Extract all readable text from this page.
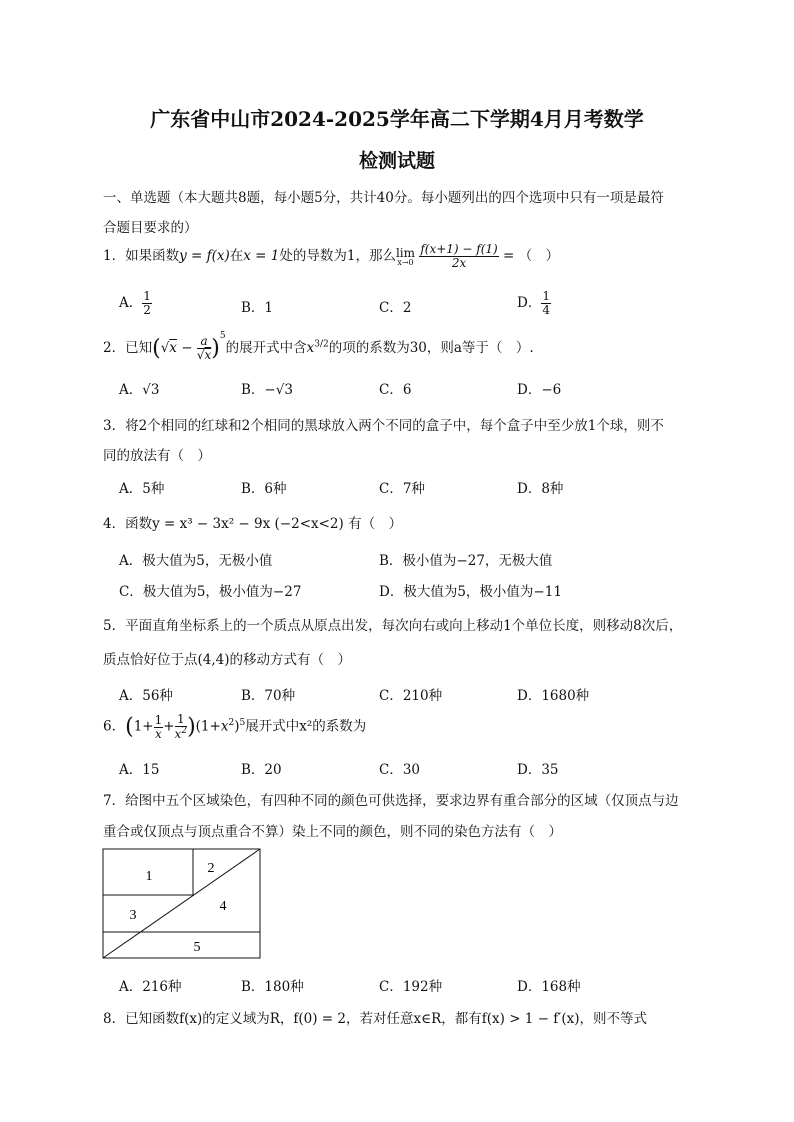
广东省中山市2024-2025学年高二下学期4月月考数学
检测试题
一、单选题（本大题共8题，每小题5分，共计40分。每小题列出的四个选项中只有一项是最符
合题目要求的）
1．如果函数y = f(x)在x = 1处的导数为1，那么 lim
x→0
$\frac{f(x+1) - f(1)}{2x}$ = （　）
A． $\frac{1}{2}$	B．1	C．2	D． $\frac{1}{4}$
2．已知$(√x - \frac{a}{√x} )^5$的展开式中含$x^{3/2}$的项的系数为30，则a等于（　）.
A．√3	B．−√3	C．6	D．−6
3．将2个相同的红球和2个相同的黑球放入两个不同的盒子中，每个盒子中至少放1个球，则不
同的放法有（　）
A．5种	B．6种	C．7种	D．8种
4．函数y = x³ − 3x² − 9x (−2<x<2) 有（　）
A．极大值为5，无极小值	B．极小值为−27，无极大值
C．极大值为5，极小值为−27	D．极大值为5，极小值为−11
5．平面直角坐标系上的一个质点从原点出发，每次向右或向上移动1个单位长度，则移动8次后，
质点恰好位于点(4,4)的移动方式有（　）
A．56种	B．70种	C．210种	D．1680种
6．$(1+ \frac{1}{x} + \frac{1}{x^2} )(1+x^2)^5$展开式中x²的系数为
A．15	B．20	C．30	D．35
7．给图中五个区域染色，有四种不同的颜色可供选择，要求边界有重合部分的区域（仅顶点与边
重合或仅顶点与顶点重合不算）染上不同的颜色，则不同的染色方法有（　）
1
2
3
4
5
A．216种	B．180种	C．192种	D．168种
8．已知函数f(x)的定义域为R，f(0) = 2，若对任意x∈R，都有f(x) > 1 − f′(x)，则不等式
